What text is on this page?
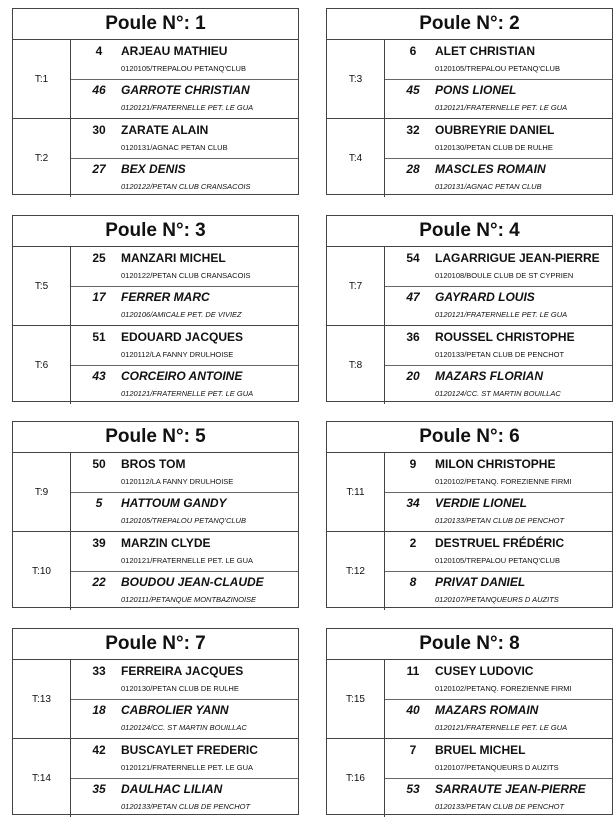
Poule N°: 1
T:1
4	ARJEAU MATHIEU
0120105/TREPALOU PETANQ'CLUB
46	GARROTE CHRISTIAN
0120121/FRATERNELLE PET. LE GUA
T:2
30	ZARATE ALAIN
0120131/AGNAC PETAN CLUB
27	BEX DENIS
0120122/PETAN CLUB CRANSACOIS
Poule N°: 2
T:3
6	ALET CHRISTIAN
0120105/TREPALOU PETANQ'CLUB
45	PONS LIONEL
0120121/FRATERNELLE PET. LE GUA
T:4
32	OUBREYRIE DANIEL
0120130/PETAN CLUB DE RULHE
28	MASCLES ROMAIN
0120131/AGNAC PETAN CLUB
Poule N°: 3
T:5
25	MANZARI MICHEL
0120122/PETAN CLUB CRANSACOIS
17	FERRER MARC
0120106/AMICALE PET. DE VIVIEZ
T:6
51	EDOUARD JACQUES
0120112/LA FANNY DRULHOISE
43	CORCEIRO ANTOINE
0120121/FRATERNELLE PET. LE GUA
Poule N°: 4
T:7
54	LAGARRIGUE JEAN-PIERRE
0120108/BOULE CLUB DE ST CYPRIEN
47	GAYRARD LOUIS
0120121/FRATERNELLE PET. LE GUA
T:8
36	ROUSSEL CHRISTOPHE
0120133/PETAN CLUB DE PENCHOT
20	MAZARS FLORIAN
0120124/CC. ST MARTIN BOUILLAC
Poule N°: 5
T:9
50	BROS TOM
0120112/LA FANNY DRULHOISE
5	HATTOUM GANDY
0120105/TREPALOU PETANQ'CLUB
T:10
39	MARZIN CLYDE
0120121/FRATERNELLE PET. LE GUA
22	BOUDOU JEAN-CLAUDE
0120111/PETANQUE MONTBAZINOISE
Poule N°: 6
T:11
9	MILON CHRISTOPHE
0120102/PETANQ. FOREZIENNE FIRMI
34	VERDIE LIONEL
0120133/PETAN CLUB DE PENCHOT
T:12
2	DESTRUEL FRÉDÉRIC
0120105/TREPALOU PETANQ'CLUB
8	PRIVAT DANIEL
0120107/PETANQUEURS D AUZITS
Poule N°: 7
T:13
33	FERREIRA JACQUES
0120130/PETAN CLUB DE RULHE
18	CABROLIER YANN
0120124/CC. ST MARTIN BOUILLAC
T:14
42	BUSCAYLET FREDERIC
0120121/FRATERNELLE PET. LE GUA
35	DAULHAC LILIAN
0120133/PETAN CLUB DE PENCHOT
Poule N°: 8
T:15
11	CUSEY LUDOVIC
0120102/PETANQ. FOREZIENNE FIRMI
40	MAZARS ROMAIN
0120121/FRATERNELLE PET. LE GUA
T:16
7	BRUEL MICHEL
0120107/PETANQUEURS D AUZITS
53	SARRAUTE JEAN-PIERRE
0120133/PETAN CLUB DE PENCHOT
